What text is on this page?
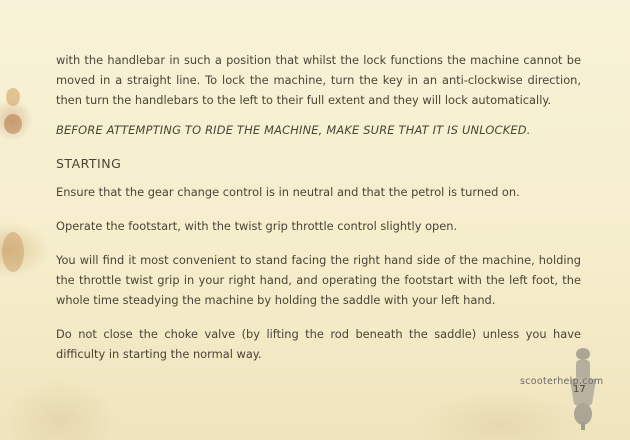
with the handlebar in such a position that whilst the lock functions the machine cannot be moved in a straight line. To lock the machine, turn the key in an anti-clockwise direction, then turn the handlebars to the left to their full extent and they will lock automatically.

BEFORE ATTEMPTING TO RIDE THE MACHINE, MAKE SURE THAT IT IS UNLOCKED.

STARTING

Ensure that the gear change control is in neutral and that the petrol is turned on.

Operate the footstart, with the twist grip throttle control slightly open.

You will find it most convenient to stand facing the right hand side of the machine, holding the throttle twist grip in your right hand, and operating the footstart with the left foot, the whole time steadying the machine by holding the saddle with your left hand.

Do not close the choke valve (by lifting the rod beneath the saddle) unless you have difficulty in starting the normal way.

17
scooterhelp.com
